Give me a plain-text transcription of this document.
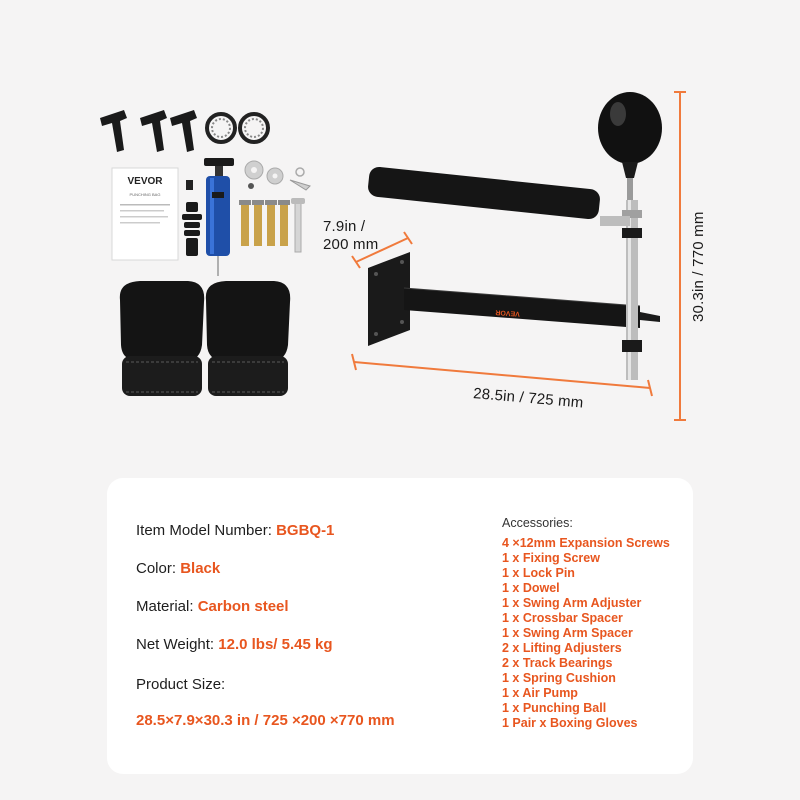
VEVOR
PUNCHING BAG
VEVOR
7.9in /
200 mm
28.5in / 725 mm
30.3in / 770 mm
Item Model Number: BGBQ-1
Color: Black
Material: Carbon steel
Net Weight: 12.0 lbs/ 5.45 kg
Product Size:
28.5×7.9×30.3 in / 725 ×200 ×770 mm
Accessories:
4 ×12mm Expansion Screws
1 x Fixing Screw
1 x Lock Pin
1 x Dowel
1 x Swing Arm Adjuster
1 x Crossbar Spacer
1 x Swing Arm Spacer
2 x Lifting Adjusters
2 x Track Bearings
1 x Spring Cushion
1 x Air Pump
1 x Punching Ball
1 Pair x Boxing Gloves
